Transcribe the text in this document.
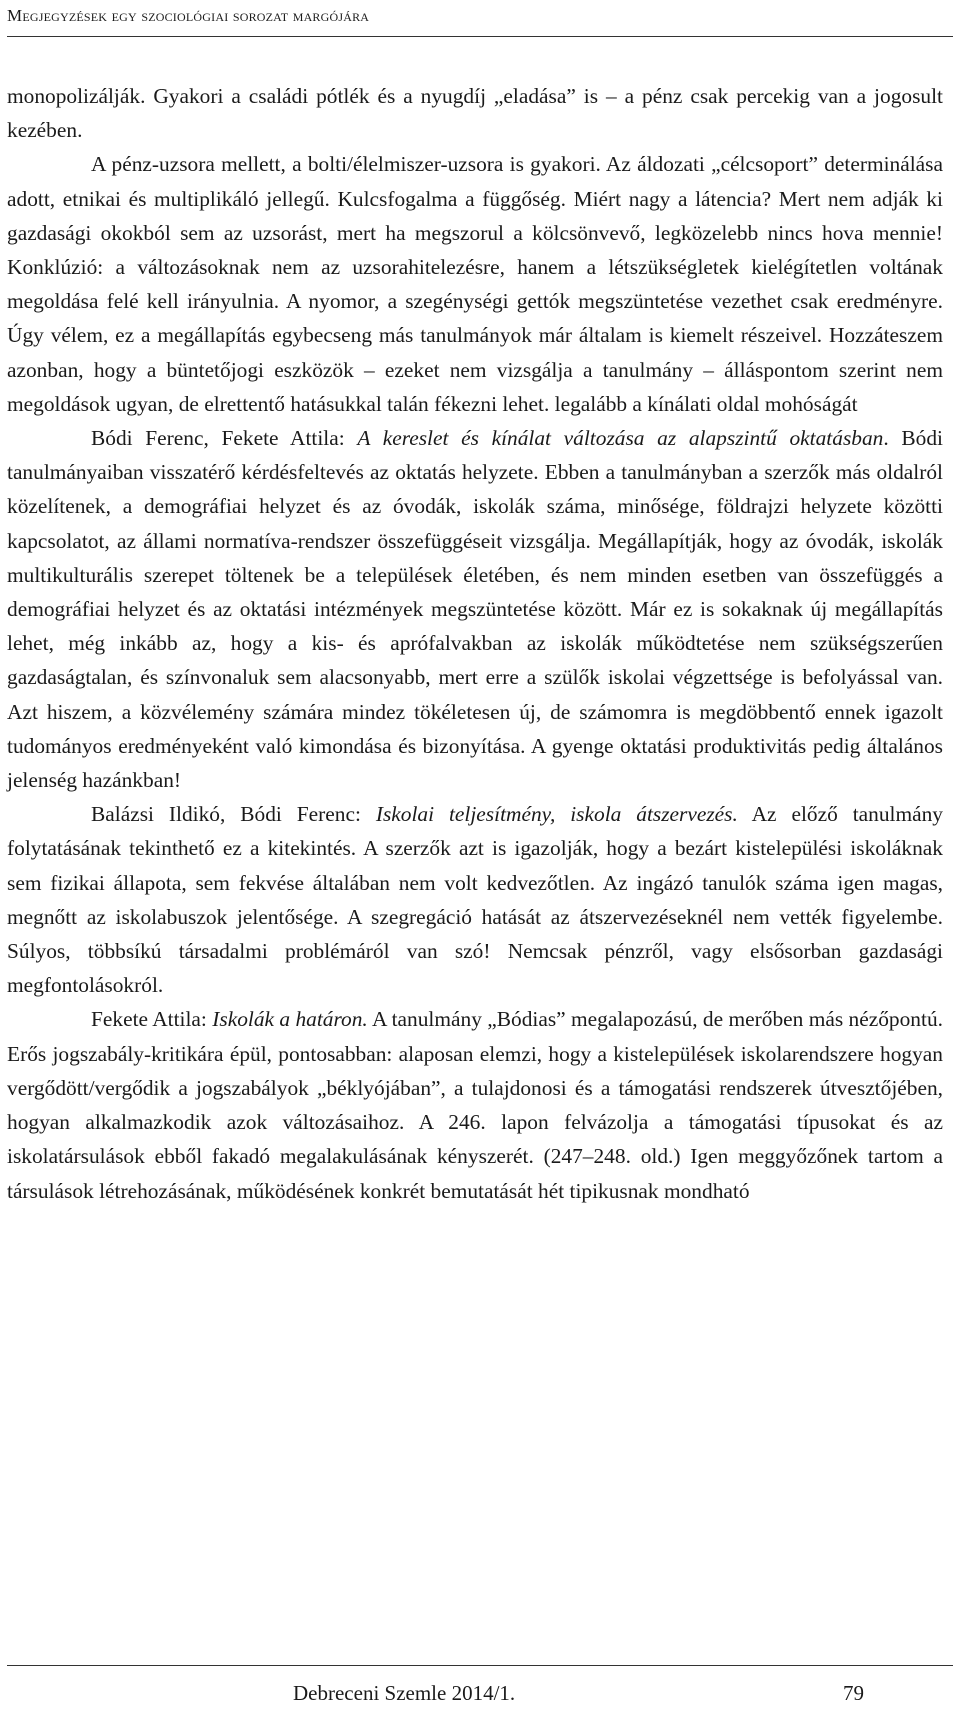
Megjegyzések egy szociológiai sorozat margójára

monopolizálják. Gyakori a családi pótlék és a nyugdíj „eladása” is – a pénz csak percekig van a jogosult kezében.

A pénz-uzsora mellett, a bolti/élelmiszer-uzsora is gyakori. Az áldozati „célcsoport” determinálása adott, etnikai és multiplikáló jellegű. Kulcsfogalma a függőség. Miért nagy a látencia? Mert nem adják ki gazdasági okokból sem az uzsorást, mert ha megszorul a kölcsönvevő, legközelebb nincs hova mennie! Konklúzió: a változásoknak nem az uzsorahitelezésre, hanem a létszükségletek kielégítetlen voltának megoldása felé kell irányulnia. A nyomor, a szegénységi gettók megszüntetése vezethet csak eredményre. Úgy vélem, ez a megállapítás egybecseng más tanulmányok már általam is kiemelt részeivel. Hozzáteszem azonban, hogy a büntetőjogi eszközök – ezeket nem vizsgálja a tanulmány – álláspontom szerint nem megoldások ugyan, de elrettentő hatásukkal talán fékezni lehet. legalább a kínálati oldal mohóságát

Bódi Ferenc, Fekete Attila: A kereslet és kínálat változása az alapszintű oktatásban. Bódi tanulmányaiban visszatérő kérdésfeltevés az oktatás helyzete. Ebben a tanulmányban a szerzők más oldalról közelítenek, a demográfiai helyzet és az óvodák, iskolák száma, minősége, földrajzi helyzete közötti kapcsolatot, az állami normatíva-rendszer összefüggéseit vizsgálja. Megállapítják, hogy az óvodák, iskolák multikulturális szerepet töltenek be a települések életében, és nem minden esetben van összefüggés a demográfiai helyzet és az oktatási intézmények megszüntetése között. Már ez is sokaknak új megállapítás lehet, még inkább az, hogy a kis- és aprófalvakban az iskolák működtetése nem szükségszerűen gazdaságtalan, és színvonaluk sem alacsonyabb, mert erre a szülők iskolai végzettsége is befolyással van. Azt hiszem, a közvélemény számára mindez tökéletesen új, de számomra is megdöbbentő ennek igazolt tudományos eredményeként való kimondása és bizonyítása. A gyenge oktatási produktivitás pedig általános jelenség hazánkban!

Balázsi Ildikó, Bódi Ferenc: Iskolai teljesítmény, iskola átszervezés. Az előző tanulmány folytatásának tekinthető ez a kitekintés. A szerzők azt is igazolják, hogy a bezárt kistelepülési iskoláknak sem fizikai állapota, sem fekvése általában nem volt kedvezőtlen. Az ingázó tanulók száma igen magas, megnőtt az iskolabuszok jelentősége. A szegregáció hatását az átszervezéseknél nem vették figyelembe. Súlyos, többsíkú társadalmi problémáról van szó! Nemcsak pénzről, vagy elsősorban gazdasági megfontolásokról.

Fekete Attila: Iskolák a határon. A tanulmány „Bódias” megalapozású, de merőben más nézőpontú. Erős jogszabály-kritikára épül, pontosabban: alaposan elemzi, hogy a kistelepülések iskolarendszere hogyan vergődött/vergődik a jogszabályok „béklyójában”, a tulajdonosi és a támogatási rendszerek útvesztőjében, hogyan alkalmazkodik azok változásaihoz. A 246. lapon felvázolja a támogatási típusokat és az iskolatársulások ebből fakadó megalakulásának kényszerét. (247–248. old.) Igen meggyőzőnek tartom a társulások létrehozásának, működésének konkrét bemutatását hét tipikusnak mondható

Debreceni Szemle 2014/1.	79
